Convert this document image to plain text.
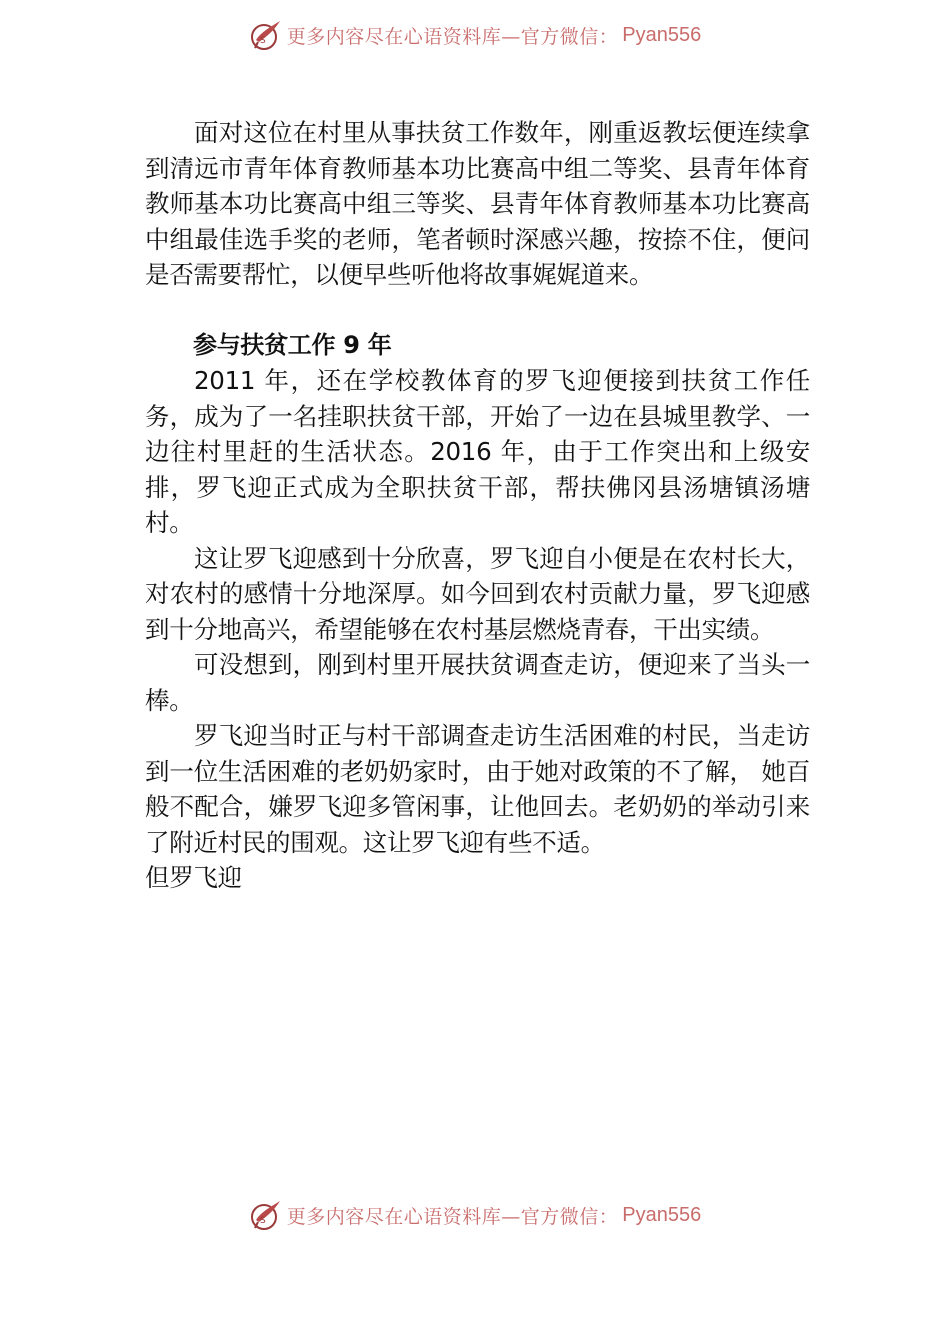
S 更多内容尽在心语资料库—官方微信： Pyan556

面对这位在村里从事扶贫工作数年，刚重返教坛便连续拿到清远市青年体育教师基本功比赛高中组二等奖、县青年体育教师基本功比赛高中组三等奖、县青年体育教师基本功比赛高中组最佳选手奖的老师，笔者顿时深感兴趣，按捺不住，便问是否需要帮忙，以便早些听他将故事娓娓道来。

参与扶贫工作 9 年

2011 年，还在学校教体育的罗飞迎便接到扶贫工作任务，成为了一名挂职扶贫干部，开始了一边在县城里教学、一边往村里赶的生活状态。2016 年，由于工作突出和上级安排，罗飞迎正式成为全职扶贫干部，帮扶佛冈县汤塘镇汤塘村。

这让罗飞迎感到十分欣喜，罗飞迎自小便是在农村长大，对农村的感情十分地深厚。如今回到农村贡献力量，罗飞迎感到十分地高兴，希望能够在农村基层燃烧青春，干出实绩。

可没想到，刚到村里开展扶贫调查走访，便迎来了当头一棒。

罗飞迎当时正与村干部调查走访生活困难的村民，当走访到一位生活困难的老奶奶家时，由于她对政策的不了解， 她百般不配合，嫌罗飞迎多管闲事，让他回去。老奶奶的举动引来了附近村民的围观。这让罗飞迎有些不适。

但罗飞迎

S 更多内容尽在心语资料库—官方微信： Pyan556
